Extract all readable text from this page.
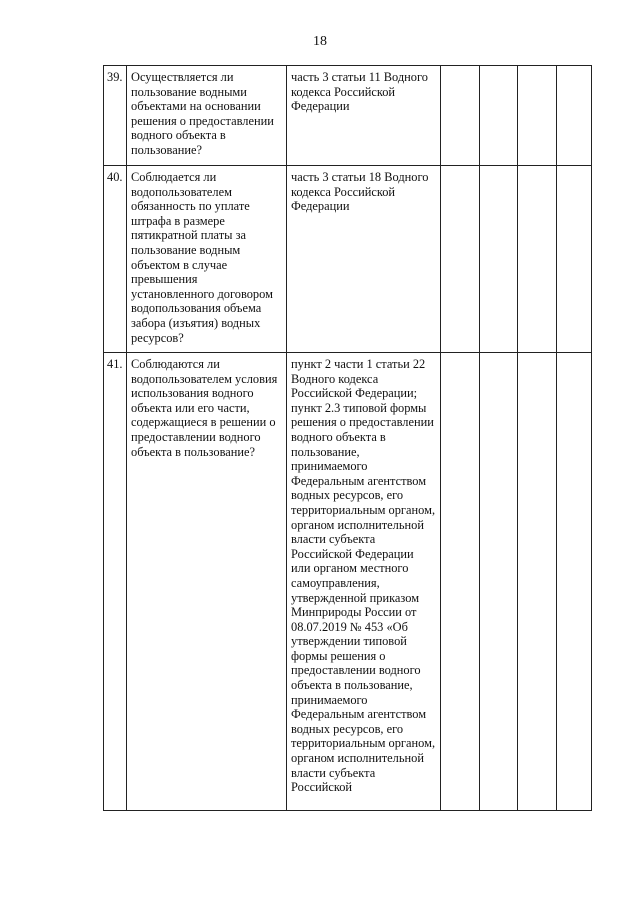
18
39.	Осуществляется ли пользование водными объектами на основании решения о предоставлении водного объекта в пользование?	часть 3 статьи 11 Водного кодекса Российской Федерации				
40.	Соблюдается ли водопользователем обязанность по уплате штрафа в размере пятикратной платы за пользование водным объектом в случае превышения установленного договором водопользования объема забора (изъятия) водных ресурсов?	часть 3 статьи 18 Водного кодекса Российской Федерации				
41.	Соблюдаются ли водопользователем условия использования водного объекта или его части, содержащиеся в решении о предоставлении водного объекта в пользование?	пункт 2 части 1 статьи 22 Водного кодекса Российской Федерации; пункт 2.3 типовой формы решения о предоставлении водного объекта в пользование, принимаемого Федеральным агентством водных ресурсов, его территориальным органом, органом исполнительной власти субъекта Российской Федерации или органом местного самоуправления, утвержденной приказом Минприроды России от 08.07.2019 № 453 «Об утверждении типовой формы решения о предоставлении водного объекта в пользование, принимаемого Федеральным агентством водных ресурсов, его территориальным органом, органом исполнительной власти субъекта Российской				
